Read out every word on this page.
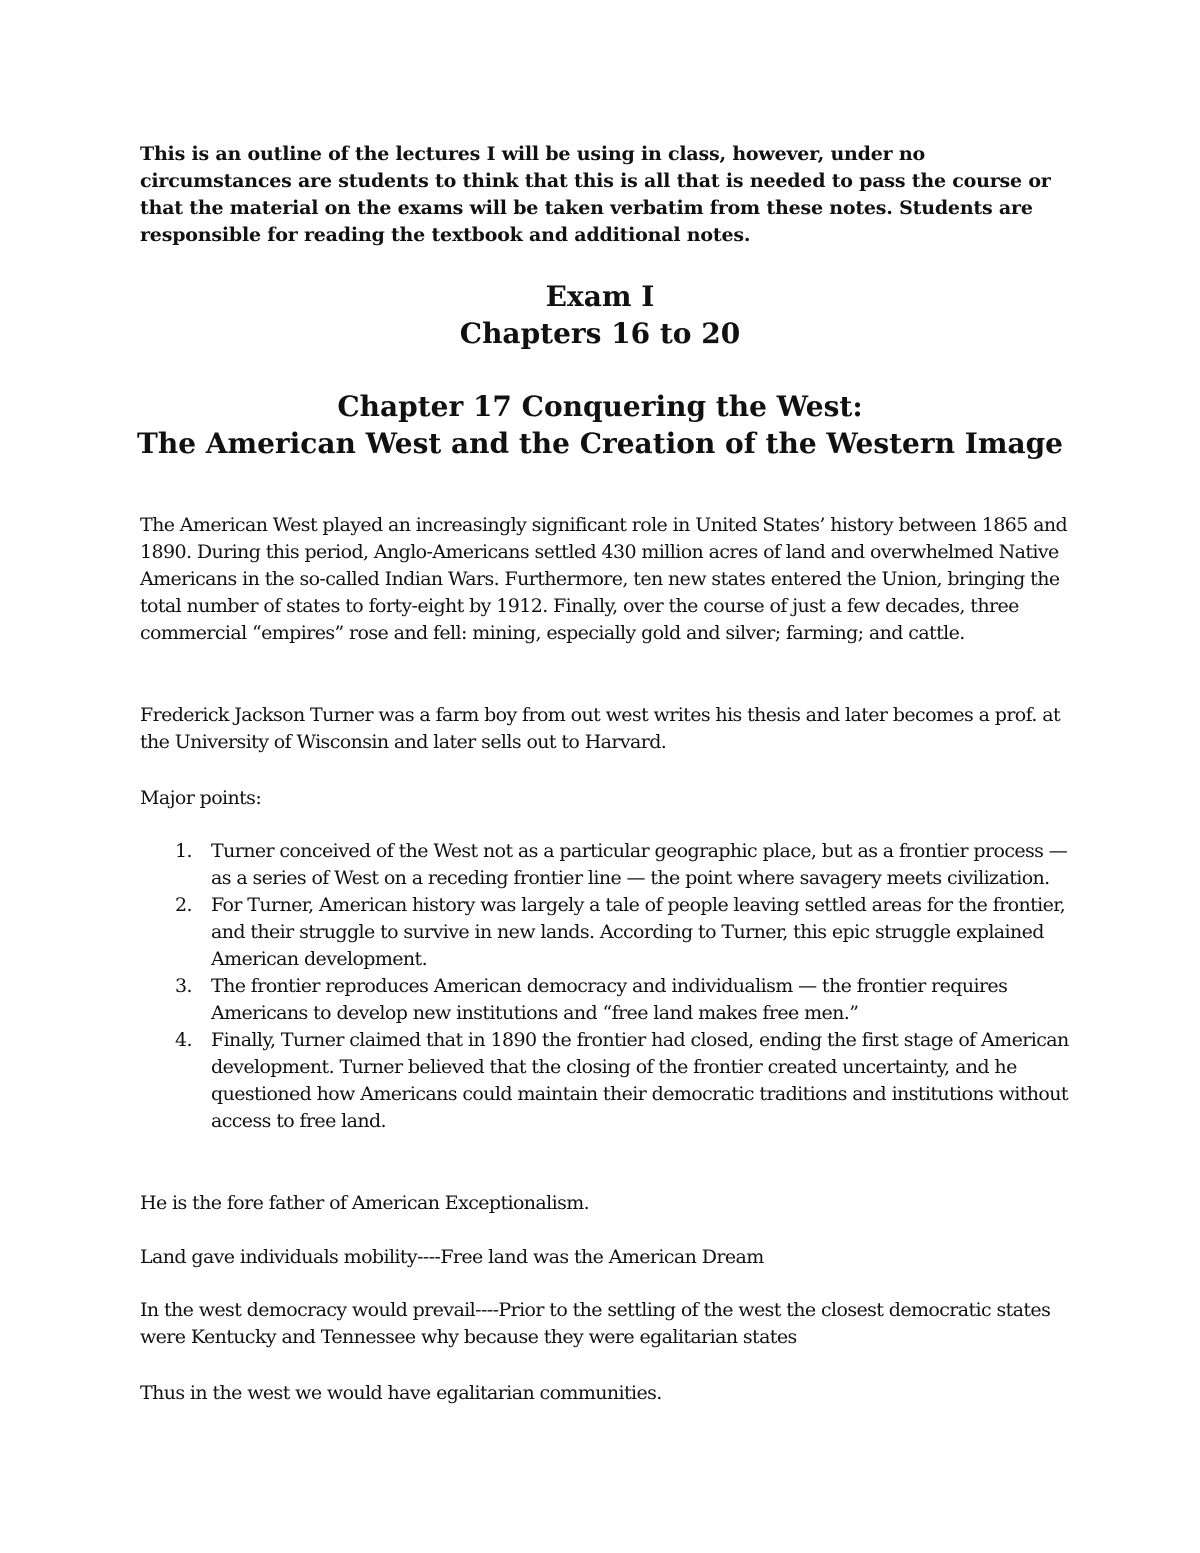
This is an outline of the lectures I will be using in class, however, under no circumstances are students to think that this is all that is needed to pass the course or that the material on the exams will be taken verbatim from these notes. Students are responsible for reading the textbook and additional notes.
Exam I
Chapters 16 to 20
Chapter 17 Conquering the West:
The American West and the Creation of the Western Image
The American West played an increasingly significant role in United States’ history between 1865 and 1890. During this period, Anglo-Americans settled 430 million acres of land and overwhelmed Native Americans in the so-called Indian Wars. Furthermore, ten new states entered the Union, bringing the total number of states to forty-eight by 1912. Finally, over the course of just a few decades, three commercial “empires” rose and fell: mining, especially gold and silver; farming; and cattle.
Frederick Jackson Turner was a farm boy from out west writes his thesis and later becomes a prof. at the University of Wisconsin and later sells out to Harvard.
Major points:
1. Turner conceived of the West not as a particular geographic place, but as a frontier process — as a series of West on a receding frontier line — the point where savagery meets civilization.
2. For Turner, American history was largely a tale of people leaving settled areas for the frontier, and their struggle to survive in new lands. According to Turner, this epic struggle explained American development.
3. The frontier reproduces American democracy and individualism — the frontier requires Americans to develop new institutions and “free land makes free men.”
4. Finally, Turner claimed that in 1890 the frontier had closed, ending the first stage of American development. Turner believed that the closing of the frontier created uncertainty, and he questioned how Americans could maintain their democratic traditions and institutions without access to free land.
He is the fore father of American Exceptionalism.
Land gave individuals mobility----Free land was the American Dream
In the west democracy would prevail----Prior to the settling of the west the closest democratic states were Kentucky and Tennessee why because they were egalitarian states
Thus in the west we would have egalitarian communities.
